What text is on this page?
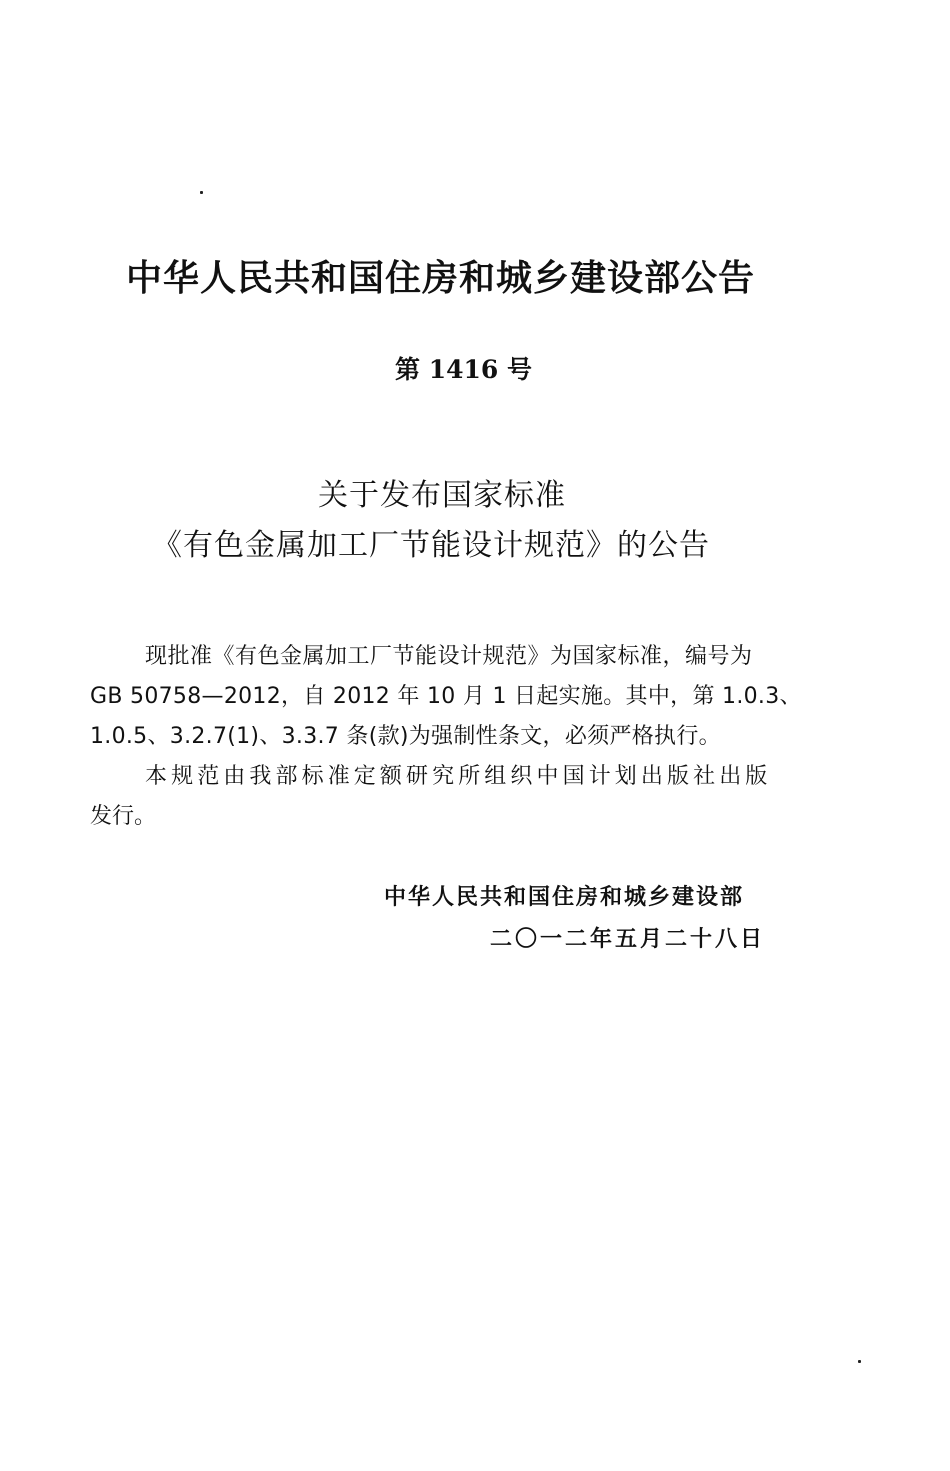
中华人民共和国住房和城乡建设部公告
第 1416 号
关于发布国家标准
《有色金属加工厂节能设计规范》的公告

现批准《有色金属加工厂节能设计规范》为国家标准，编号为

GB 50758—2012，自 2012 年 10 月 1 日起实施。其中，第 1.0.3、

1.0.5、3.2.7(1)、3.3.7 条(款)为强制性条文，必须严格执行。

本规范由我部标准定额研究所组织中国计划出版社出版

发行。

中华人民共和国住房和城乡建设部

二〇一二年五月二十八日
